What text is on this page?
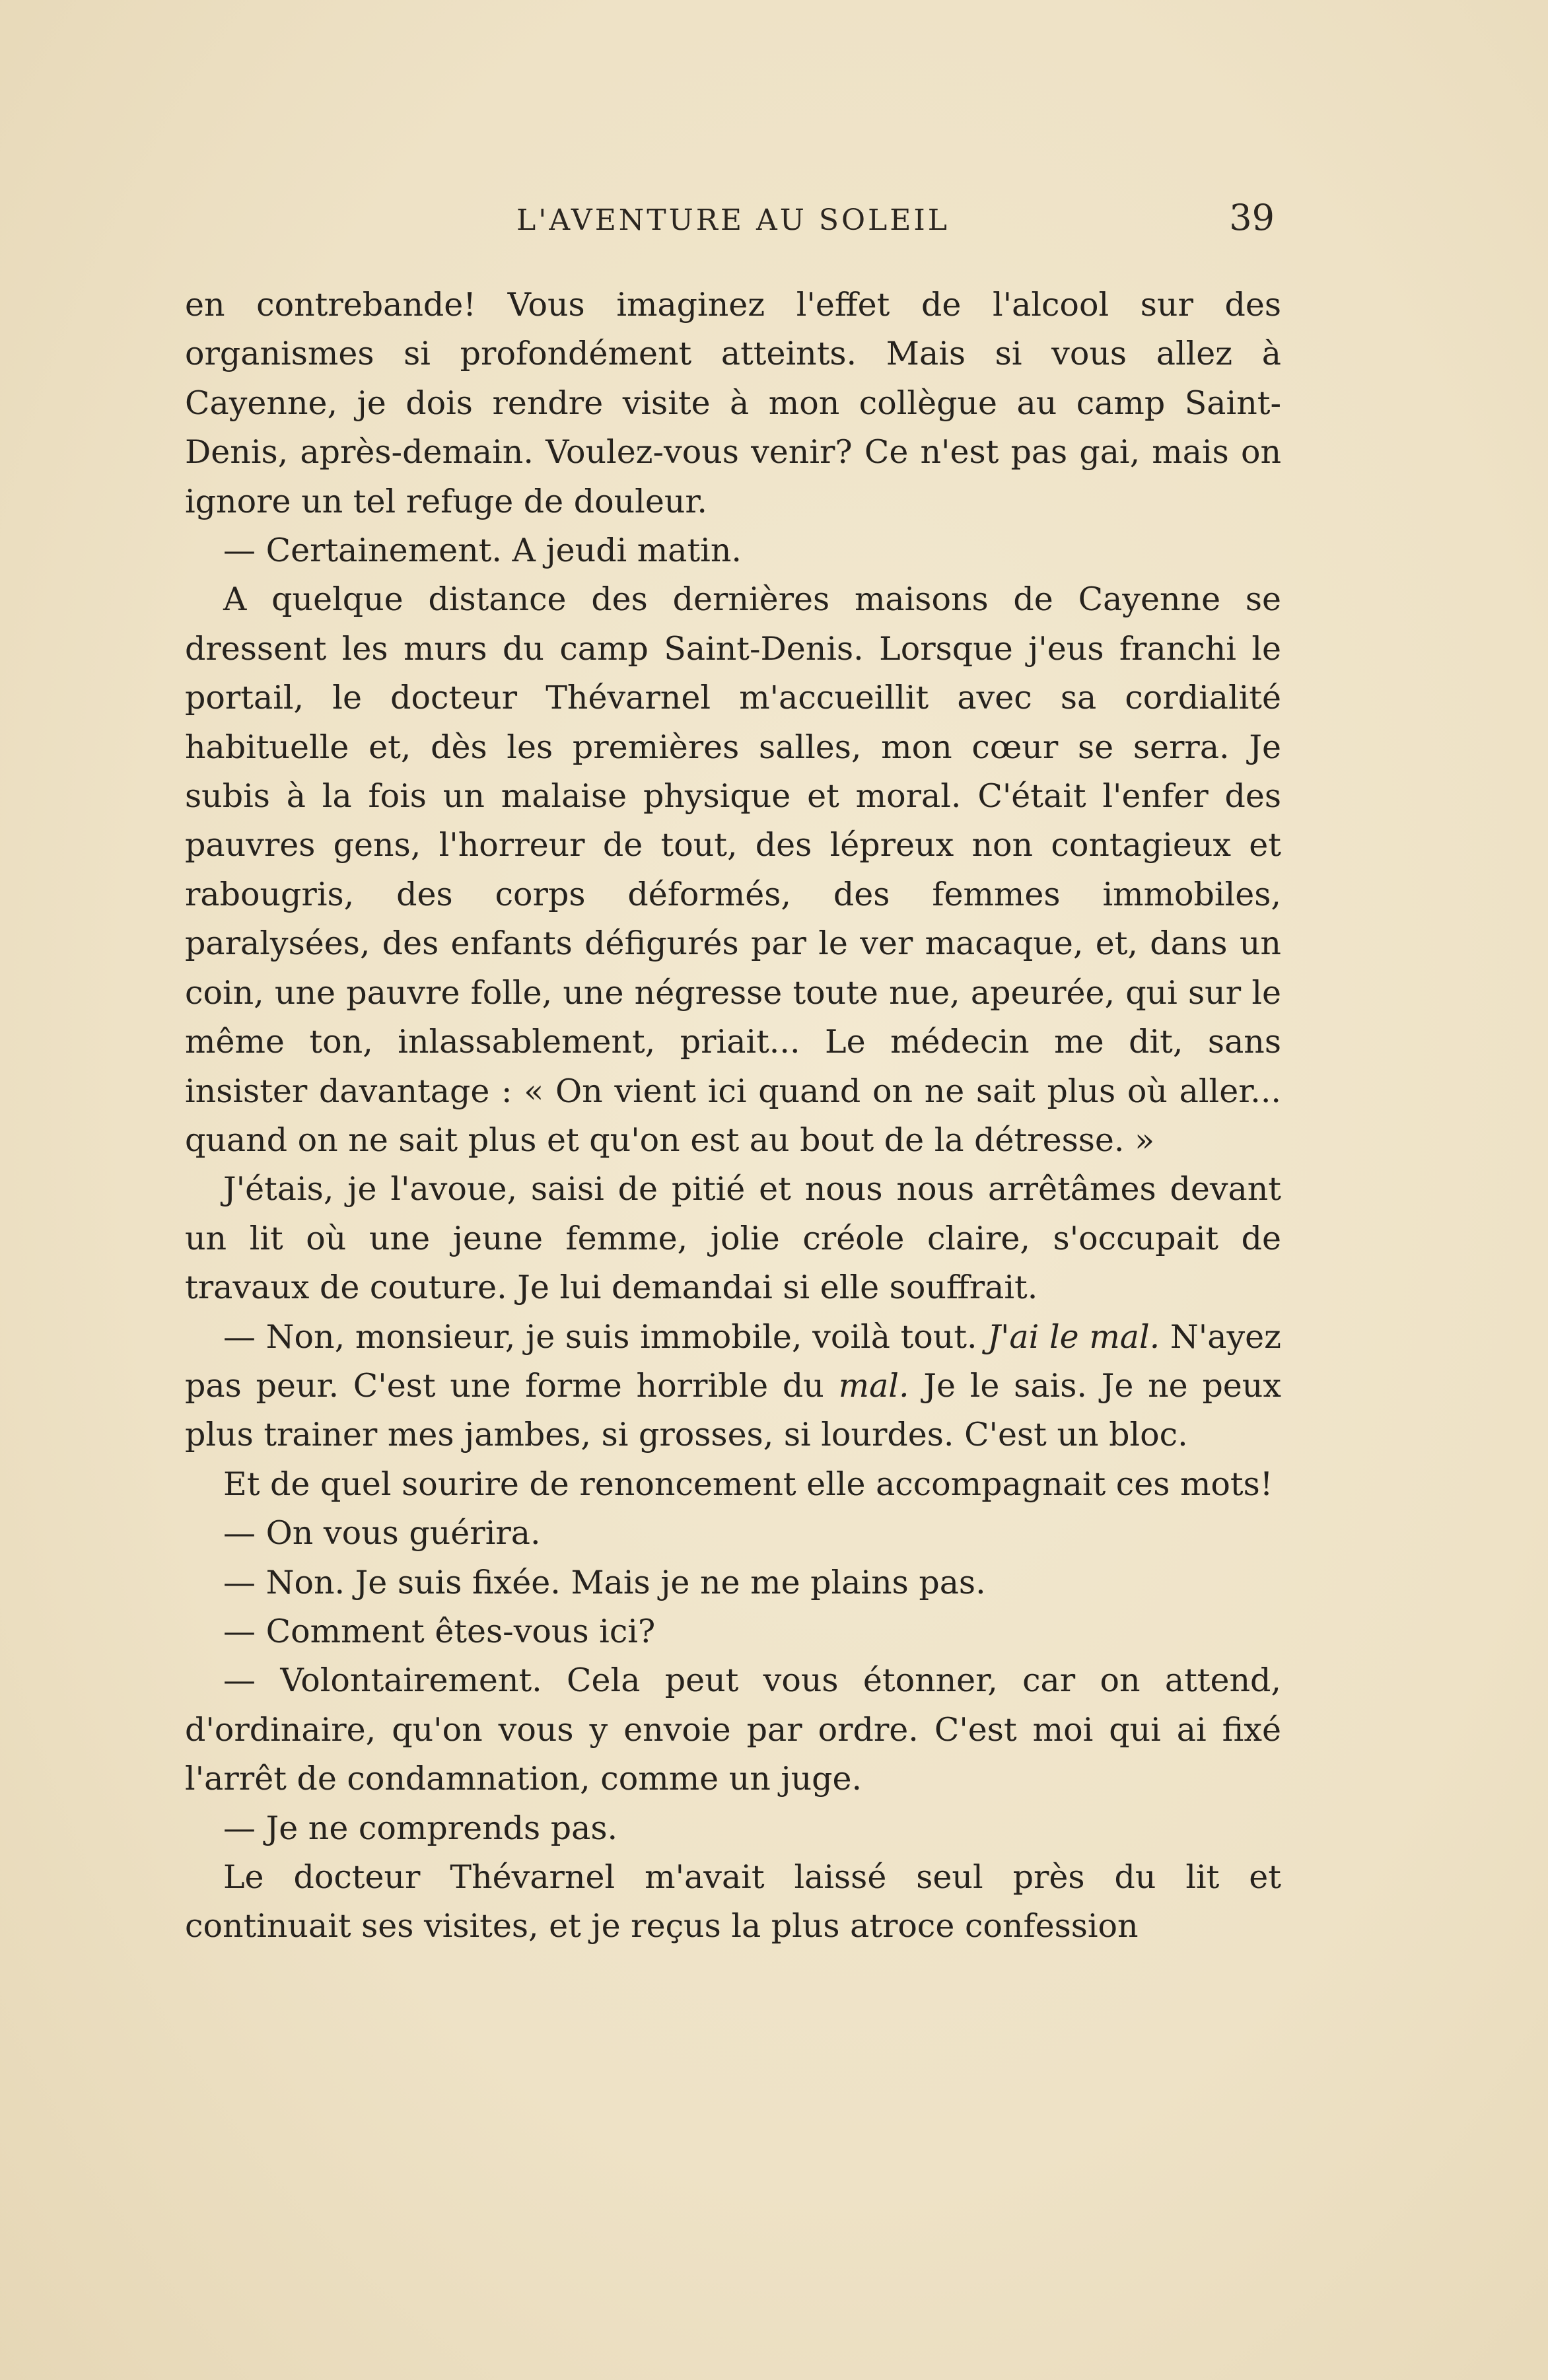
L'AVENTURE AU SOLEIL	39

en contrebande! Vous imaginez l'effet de l'alcool sur des organismes si profondément atteints. Mais si vous allez à Cayenne, je dois rendre visite à mon collègue au camp Saint-Denis, après-demain. Voulez-vous venir? Ce n'est pas gai, mais on ignore un tel refuge de douleur.

— Certainement. A jeudi matin.

A quelque distance des dernières maisons de Cayenne se dressent les murs du camp Saint-Denis. Lorsque j'eus franchi le portail, le docteur Thévarnel m'accueillit avec sa cordialité habituelle et, dès les premières salles, mon cœur se serra. Je subis à la fois un malaise physique et moral. C'était l'enfer des pauvres gens, l'horreur de tout, des lépreux non contagieux et rabougris, des corps déformés, des femmes immobiles, paralysées, des enfants défigurés par le ver macaque, et, dans un coin, une pauvre folle, une négresse toute nue, apeurée, qui sur le même ton, inlassablement, priait... Le médecin me dit, sans insister davantage : « On vient ici quand on ne sait plus où aller... quand on ne sait plus et qu'on est au bout de la détresse. »

J'étais, je l'avoue, saisi de pitié et nous nous arrêtâmes devant un lit où une jeune femme, jolie créole claire, s'occupait de travaux de couture. Je lui demandai si elle souffrait.

— Non, monsieur, je suis immobile, voilà tout. J'ai le mal. N'ayez pas peur. C'est une forme horrible du mal. Je le sais. Je ne peux plus trainer mes jambes, si grosses, si lourdes. C'est un bloc.

Et de quel sourire de renoncement elle accompagnait ces mots!

— On vous guérira.

— Non. Je suis fixée. Mais je ne me plains pas.

— Comment êtes-vous ici?

— Volontairement. Cela peut vous étonner, car on attend, d'ordinaire, qu'on vous y envoie par ordre. C'est moi qui ai fixé l'arrêt de condamnation, comme un juge.

— Je ne comprends pas.

Le docteur Thévarnel m'avait laissé seul près du lit et continuait ses visites, et je reçus la plus atroce confession
